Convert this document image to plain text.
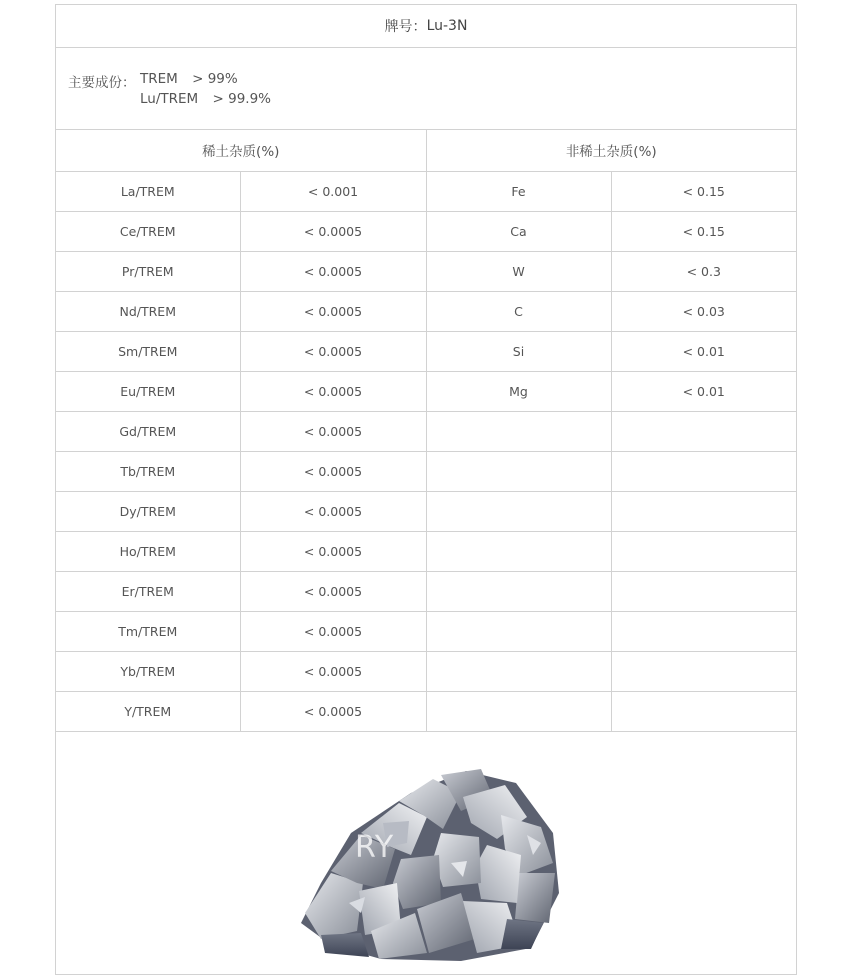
牌号： Lu-3N
主要成份： TREM > 99%
Lu/TREM > 99.9%
稀土杂质(%)		非稀土杂质(%)	
La/TREM	< 0.001	Fe	< 0.15
Ce/TREM	< 0.0005	Ca	< 0.15
Pr/TREM	< 0.0005	W	< 0.3
Nd/TREM	< 0.0005	C	< 0.03
Sm/TREM	< 0.0005	Si	< 0.01
Eu/TREM	< 0.0005	Mg	< 0.01
Gd/TREM	< 0.0005		
Tb/TREM	< 0.0005		
Dy/TREM	< 0.0005		
Ho/TREM	< 0.0005		
Er/TREM	< 0.0005		
Tm/TREM	< 0.0005		
Yb/TREM	< 0.0005		
Y/TREM	< 0.0005		
RY
